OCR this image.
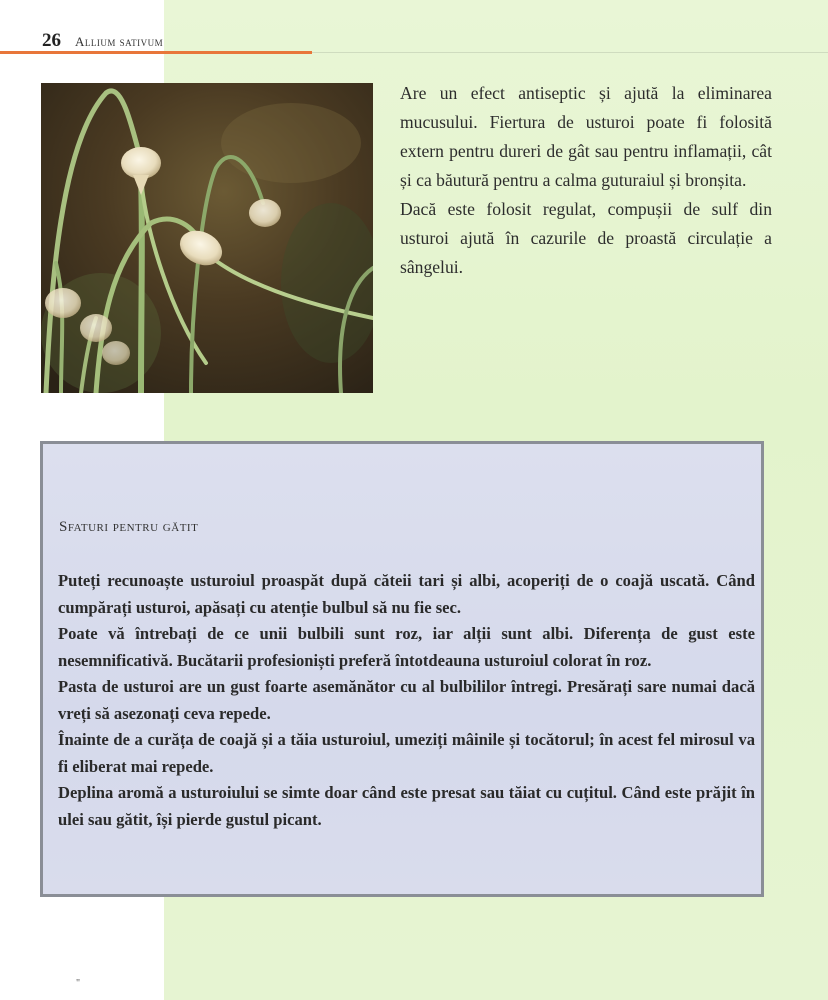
26 Allium sativum

Are un efect antiseptic și ajută la eliminarea mucusului. Fiertura de usturoi poate fi folosită extern pentru dureri de gât sau pentru inflamații, cât și ca băutură pentru a calma guturaiul și bronșita.

Dacă este folosit regulat, compușii de sulf din usturoi ajută în cazurile de proastă circulație a sângelui.

Sfaturi pentru gătit

Puteți recunoaște usturoiul proaspăt după căteii tari și albi, acoperiți de o coajă uscată. Când cumpărați usturoi, apăsați cu atenție bulbul să nu fie sec.

Poate vă întrebați de ce unii bulbili sunt roz, iar alții sunt albi. Diferența de gust este nesemnificativă. Bucătarii profesioniști preferă întotdeauna usturoiul colorat în roz.

Pasta de usturoi are un gust foarte asemănător cu al bulbililor întregi. Presărați sare numai dacă vreți să asezonați ceva repede.

Înainte de a curăța de coajă și a tăia usturoiul, umeziți mâinile și tocătorul; în acest fel mirosul va fi eliberat mai repede.

Deplina aromă a usturoiului se simte doar când este presat sau tăiat cu cuțitul. Când este prăjit în ulei sau gătit, își pierde gustul picant.

"
